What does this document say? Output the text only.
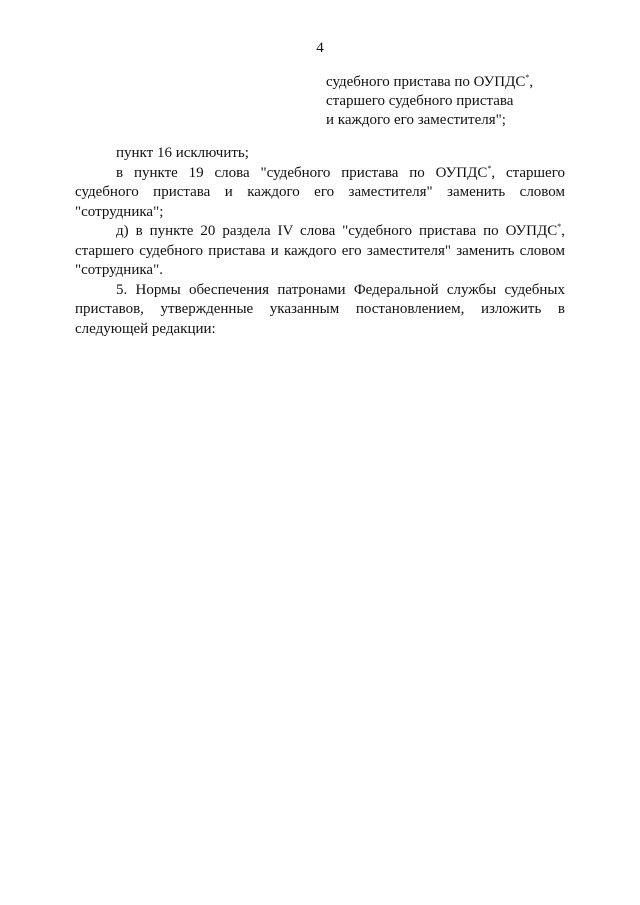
4
судебного пристава по ОУПДС*,
старшего судебного пристава
и каждого его заместителя";

пункт 16 исключить;

в пункте 19 слова "судебного пристава по ОУПДС*, старшего судебного пристава и каждого его заместителя" заменить словом "сотрудника";

д) в пункте 20 раздела IV слова "судебного пристава по ОУПДС*, старшего судебного пристава и каждого его заместителя" заменить словом "сотрудника".

5. Нормы обеспечения патронами Федеральной службы судебных приставов, утвержденные указанным постановлением, изложить в следующей редакции:
